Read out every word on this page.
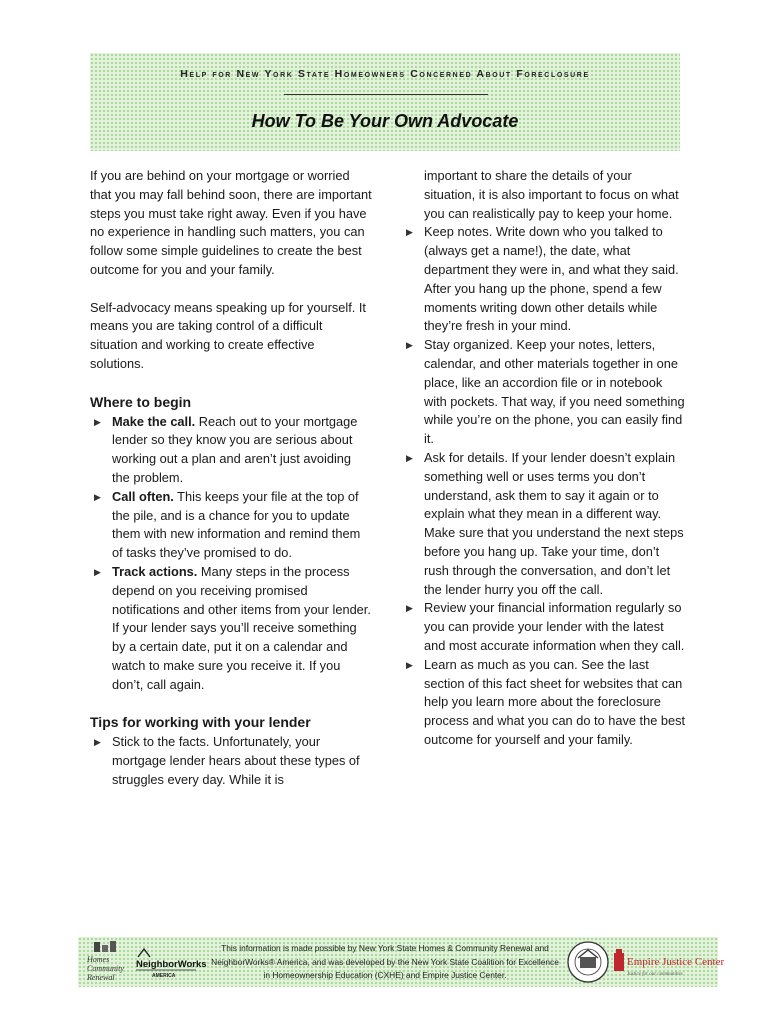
Help for New York State Homeowners Concerned About Foreclosure
How To Be Your Own Advocate

If you are behind on your mortgage or worried that you may fall behind soon, there are important steps you must take right away. Even if you have no experience in handling such matters, you can follow some simple guidelines to create the best outcome for you and your family.

Self-advocacy means speaking up for yourself. It means you are taking control of a difficult situation and working to create effective solutions.

Where to begin
▶ Make the call. Reach out to your mortgage lender so they know you are serious about working out a plan and aren’t just avoiding the problem.
▶ Call often. This keeps your file at the top of the pile, and is a chance for you to update them with new information and remind them of tasks they’ve promised to do.
▶ Track actions. Many steps in the process depend on you receiving promised notifications and other items from your lender. If your lender says you’ll receive something by a certain date, put it on a calendar and watch to make sure you receive it. If you don’t, call again.
Tips for working with your lender
▶ Stick to the facts. Unfortunately, your mortgage lender hears about these types of struggles every day. While it is
important to share the details of your situation, it is also important to focus on what you can realistically pay to keep your home.
▶ Keep notes. Write down who you talked to (always get a name!), the date, what department they were in, and what they said. After you hang up the phone, spend a few moments writing down other details while they’re fresh in your mind.
▶ Stay organized. Keep your notes, letters, calendar, and other materials together in one place, like an accordion file or in notebook with pockets. That way, if you need something while you’re on the phone, you can easily find it.
▶ Ask for details. If your lender doesn’t explain something well or uses terms you don’t understand, ask them to say it again or to explain what they mean in a different way. Make sure that you understand the next steps before you hang up. Take your time, don’t rush through the conversation, and don’t let the lender hurry you off the call.
▶ Review your financial information regularly so you can provide your lender with the latest and most accurate information when they call.
▶ Learn as much as you can. See the last section of this fact sheet for websites that can help you learn more about the foreclosure process and what you can do to have the best outcome for yourself and your family.
Homes
Community
Renewal
NeighborWorks
AMERICA
This information is made possible by New York State Homes & Community Renewal and NeighborWorks® America, and was developed by the New York State Coalition for Excellence in Homeownership Education (CXHE) and Empire Justice Center.
Empire Justice Center
Justice for our communities
